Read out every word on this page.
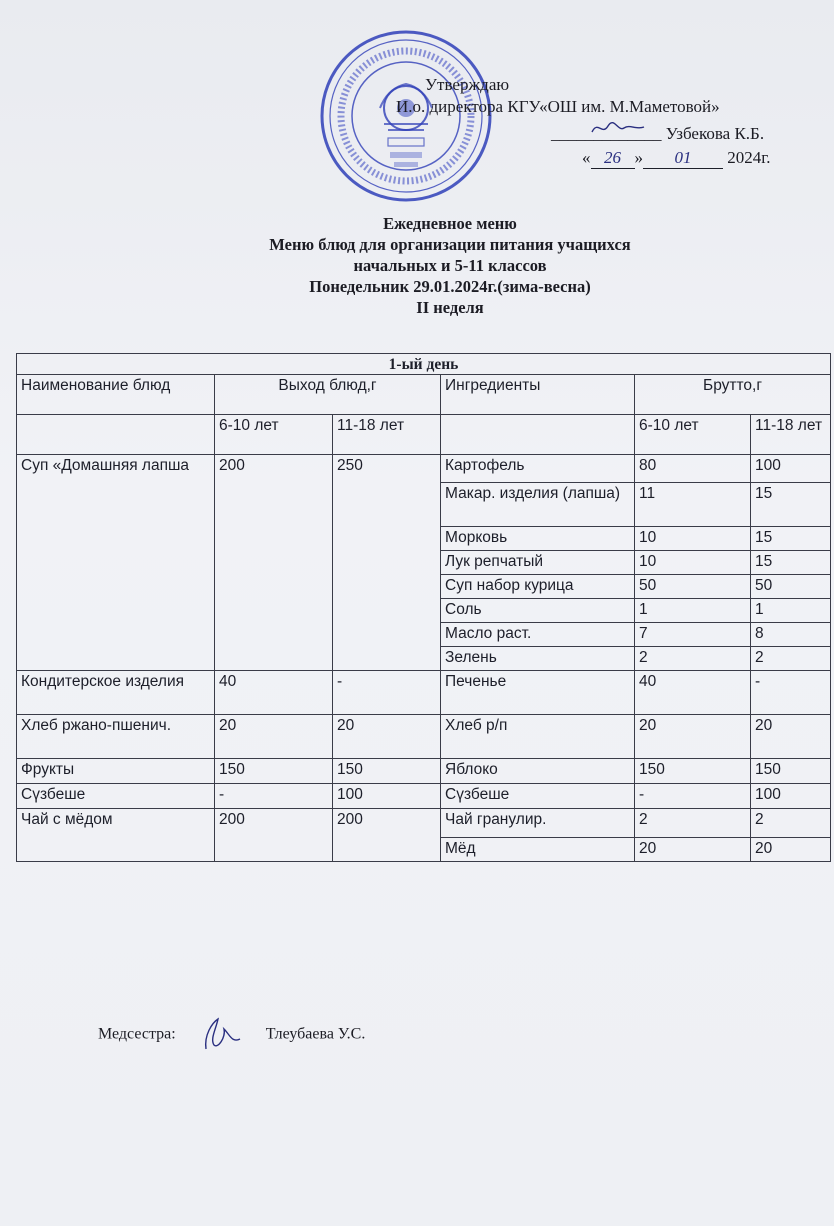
Утверждаю
И.о. директора КГУ«ОШ им. М.Маметовой»
_____________ Узбекова К.Б.
« 26 » 01 2024г.
Ежедневное меню
Меню блюд для организации питания учащихся
начальных и 5-11 классов
Понедельник 29.01.2024г.(зима-весна)
II неделя
1-ый день					
Наименование блюд	Выход блюд,г		Ингредиенты	Брутто,г	
	6-10 лет	11-18 лет		6-10 лет	11-18 лет
Суп «Домашняя лапша	200	250	Картофель	80	100
			Макар. изделия (лапша)	11	15
			Морковь	10	15
			Лук репчатый	10	15
			Суп набор курица	50	50
			Соль	1	1
			Масло раст.	7	8
			Зелень	2	2
Кондитерское изделия	40	-	Печенье	40	-
Хлеб ржано-пшенич.	20	20	Хлеб р/п	20	20
Фрукты	150	150	Яблоко	150	150
Сүзбеше	-	100	Сүзбеше	-	100
Чай с мёдом	200	200	Чай гранулир.	2	2
			Мёд	20	20
Медсестра:	Тлеубаева У.С.
